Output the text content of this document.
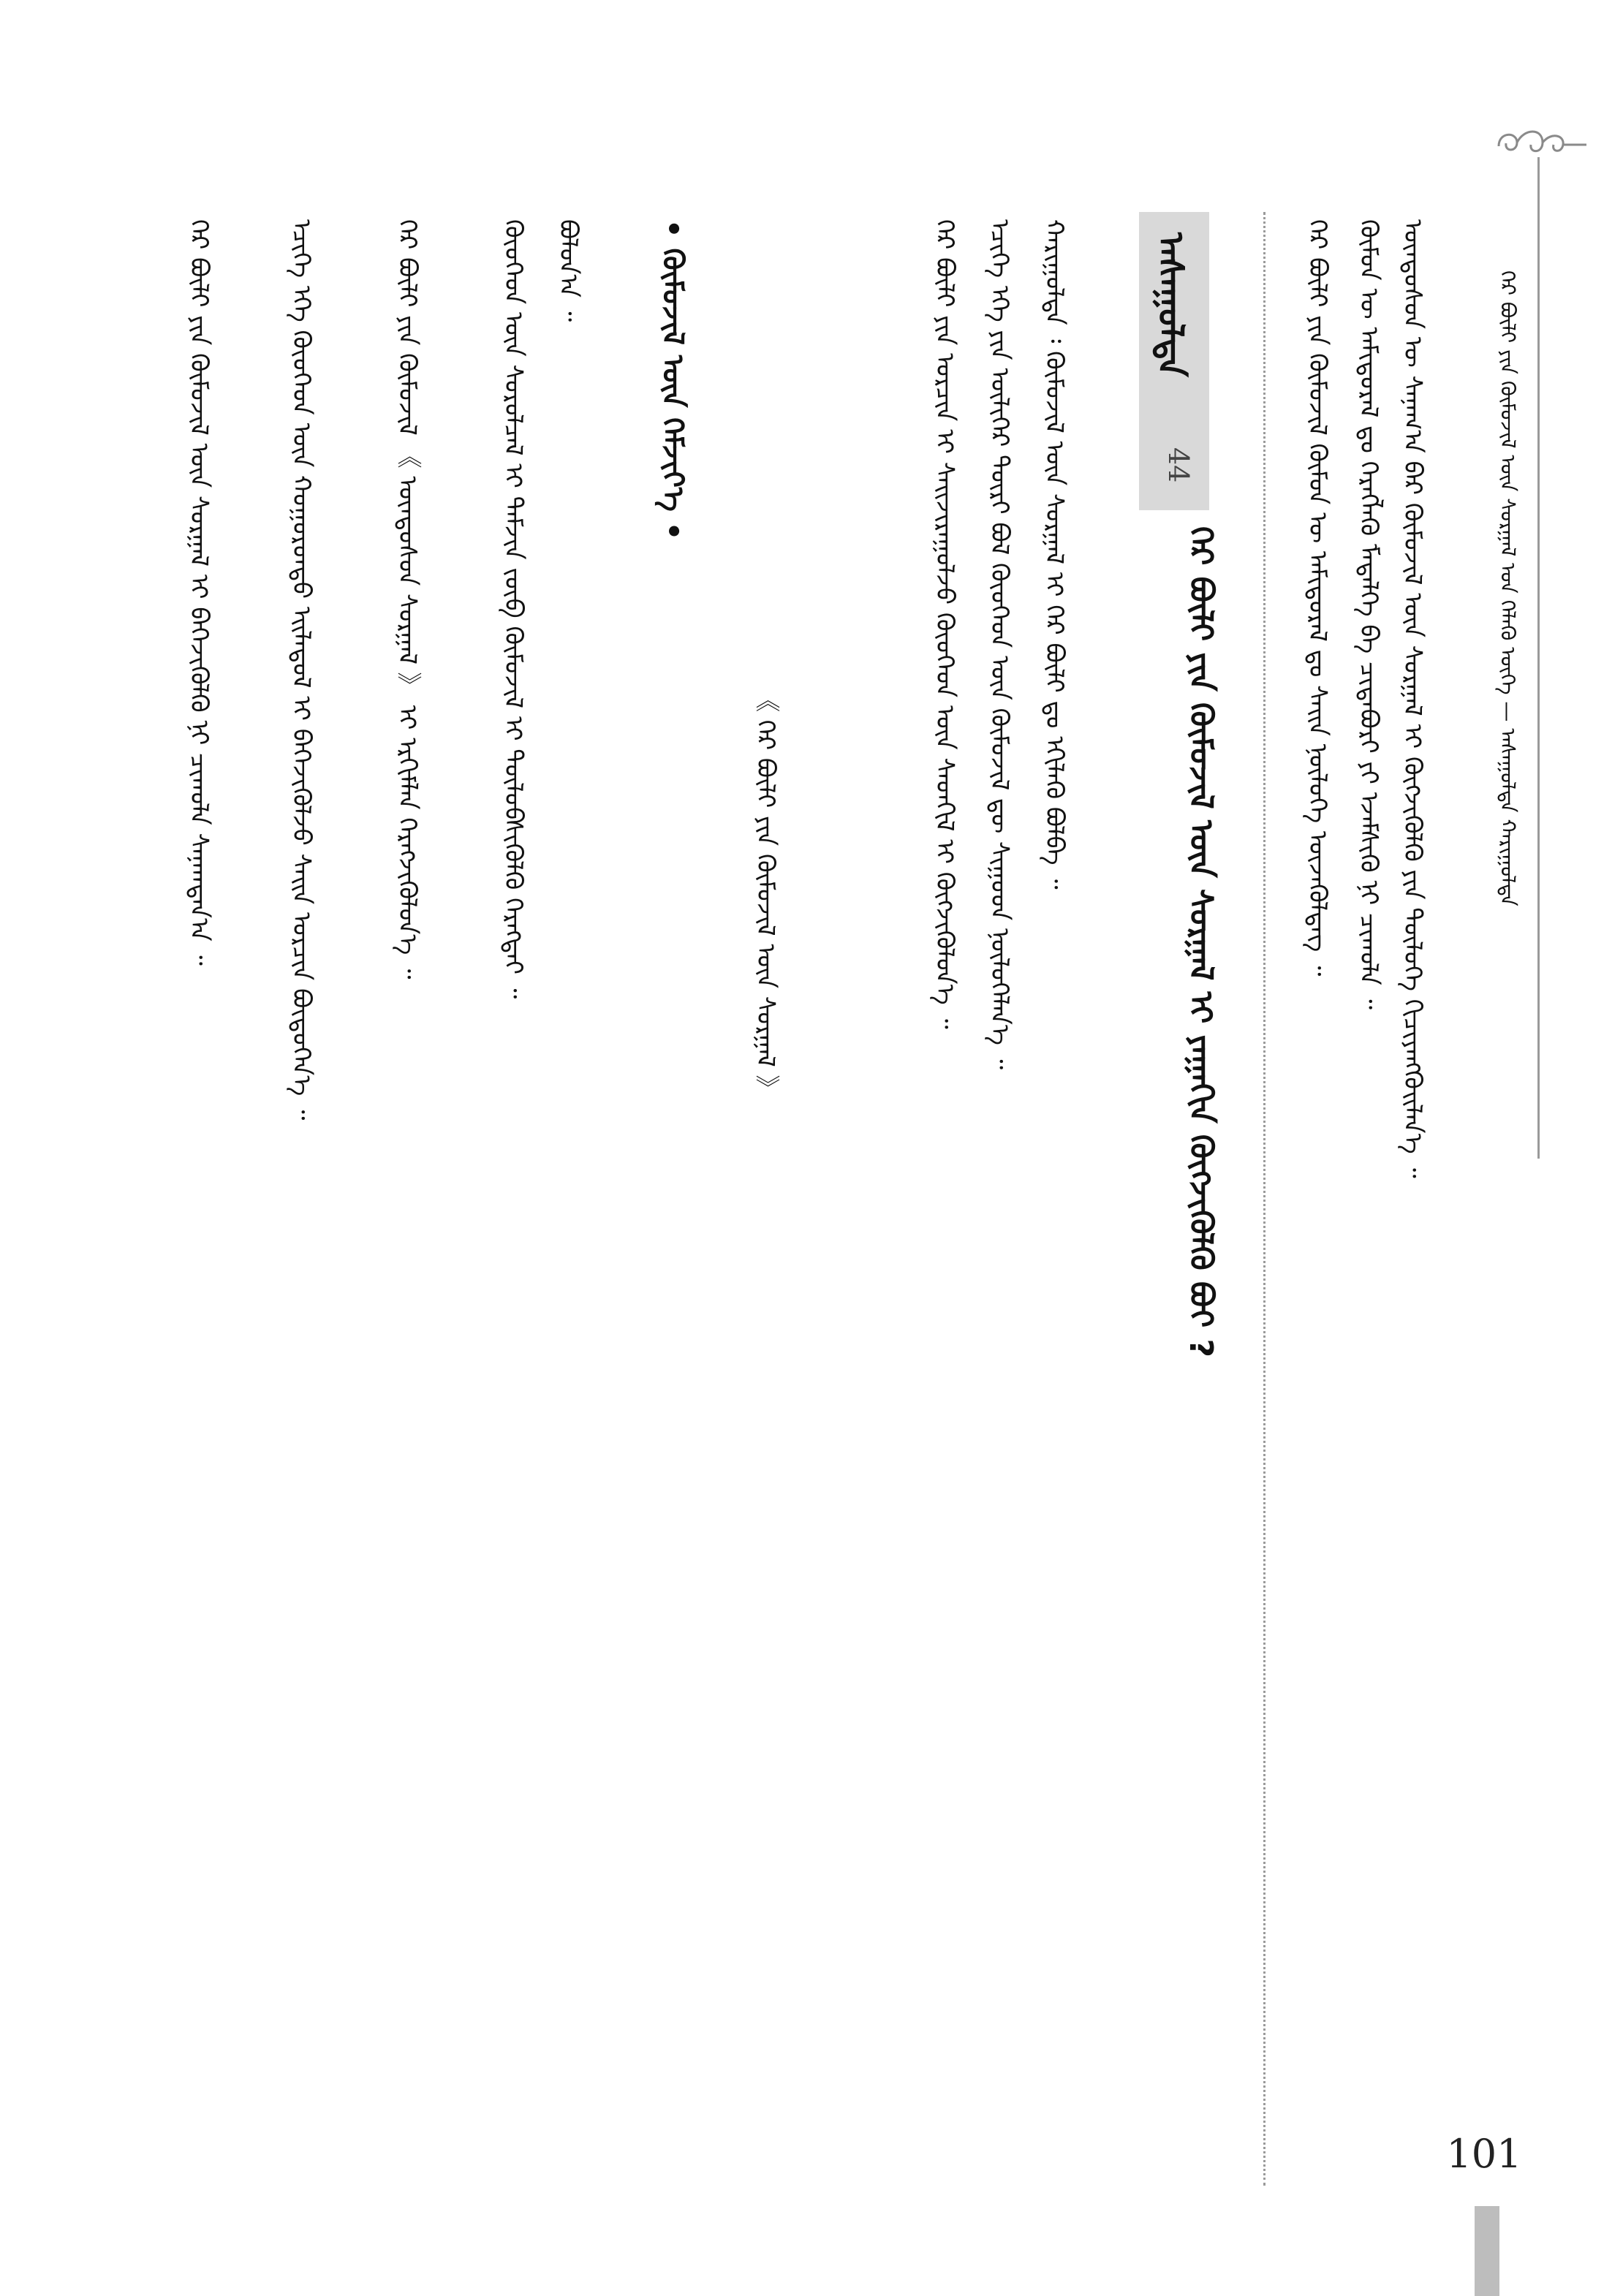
ᠭᠡᠷ ᠪᠦᠯᠢ ᠶᠢᠨ ᠬᠦᠮᠦᠵᠢᠯ ᠦᠨ ᠰᠤᠷᠭᠠᠯ ᠤᠨ ᠬᠡᠯᠡᠬᠦ ᠦᠭᠡ — ᠠᠰᠠᠭᠤᠯᠲᠠ ᠬᠠᠷᠢᠭᠤᠯᠲᠠ
ᠦᠨᠳᠦᠰᠦᠨ ᠦ ᠰᠠᠨᠠᠭ᠎ᠠ ᠪᠠᠷ ᠬᠦᠮᠦᠵᠢᠯ ᠦᠨ ᠰᠤᠷᠭᠠᠯ ᠢ ᠬᠦᠭᠵᠢᠭᠦᠯᠬᠦ ᠶᠢᠨ ᠲᠥᠯᠦᠭᠡ ᠬᠢᠴᠢᠶᠡᠩᠭᠦᠢᠯᠡᠨ᠎ᠡ ᠃
ᠬᠦᠮᠦᠨ ᠦ ᠠᠮᠢᠳᠤᠷᠠᠯ ᠳᠤ ᠬᠡᠷᠡᠭᠯᠡᠬᠦ ᠮᠡᠳᠡᠯᠭᠡ ᠪᠠ ᠴᠢᠳᠠᠪᠤᠷᠢ ᠶᠢ ᠡᠵᠡᠮᠰᠢᠬᠦ ᠨᠢ ᠴᠢᠬᠤᠯᠠ ᠃
ᠭᠡᠷ ᠪᠦᠯᠢ ᠶᠢᠨ ᠬᠦᠮᠦᠵᠢᠯ ᠬᠦᠮᠦᠨ ᠦ ᠠᠮᠢᠳᠤᠷᠠᠯ ᠳᠤ ᠰᠠᠢᠨ ᠨᠥᠯᠦᠭᠡ ᠦᠵᠡᠭᠦᠯᠳᠡᠭ ᠃
ᠠᠰᠠᠭᠤᠯᠲᠠ
44
ᠭᠡᠷ ᠪᠦᠯᠢ ᠶᠢᠨ ᠬᠦᠮᠦᠵᠢᠯ ᠦᠨ ᠰᠤᠷᠭᠠᠯ ᠢ ᠶᠠᠭᠠᠬᠢᠨ ᠬᠦᠭᠵᠢᠭᠦᠯᠬᠦ ᠪᠤᠢ ?
ᠬᠠᠷᠢᠭᠤᠯᠲᠠ ᠄ ᠬᠦᠮᠦᠵᠢᠯ ᠦᠨ ᠰᠤᠷᠭᠠᠯ ᠢ ᠭᠡᠷ ᠪᠦᠯᠢ ᠳᠤ ᠡᠬᠢᠯᠡᠬᠦ ᠪᠣᠯᠪᠠ ᠃
ᠡᠴᠢᠭᠡ ᠡᠬᠡ ᠶᠢᠨ ᠦᠯᠢᠭᠡᠷ ᠳᠦᠷᠢ ᠪᠣᠯ ᠬᠦᠦᠬᠡᠳ ᠦᠨ ᠬᠦᠮᠦᠵᠢᠯ ᠳᠦ ᠰᠢᠭᠤᠳ ᠨᠥᠯᠦᠭᠡᠯᠡᠨ᠎ᠡ ᠃
ᠭᠡᠷ ᠪᠦᠯᠢ ᠶᠢᠨ ᠤᠷᠴᠢᠨ ᠢ ᠰᠠᠢᠵᠢᠷᠠᠭᠤᠯᠵᠤ ᠬᠦᠦᠬᠡᠳ ᠦᠨ ᠰᠡᠳᠬᠢᠯ ᠢ ᠬᠥᠭᠵᠢᠭᠦᠯᠦᠨ᠎ᠡ ᠃
《 ᠭᠡᠷ ᠪᠦᠯᠢ ᠶᠢᠨ ᠬᠦᠮᠦᠵᠢᠯ ᠦᠨ ᠰᠤᠷᠭᠠᠯ 》
• ᠬᠦᠮᠦᠵᠢᠯ ᠦᠨ ᠬᠡᠮᠵᠢᠶ᠎ᠡ •
ᠪᠣᠯᠤᠨ᠎ᠠ ᠃
ᠬᠦᠦᠬᠡᠳ ᠦᠨ ᠰᠤᠷᠤᠯᠴᠠᠯ ᠢ ᠳᠡᠮᠵᠢᠨ ᠵᠥᠪ ᠬᠦᠮᠦᠵᠢᠯ ᠢ ᠲᠥᠯᠦᠪᠰᠢᠭᠦᠯᠬᠦ ᠬᠡᠷᠡᠭᠲᠡᠢ ᠃
ᠭᠡᠷ ᠪᠦᠯᠢ ᠶᠢᠨ ᠬᠦᠮᠦᠵᠢᠯ 《 ᠦᠨᠳᠦᠰᠦᠨ ᠰᠤᠷᠭᠠᠯ 》 ᠢ ᠡᠷᠬᠢᠮᠯᠡᠨ ᠬᠡᠷᠡᠭᠵᠢᠭᠦᠯᠦᠨ᠎ᠡ ᠃
ᠡᠴᠢᠭᠡ ᠡᠬᠡ ᠬᠦᠦᠬᠡᠳ ᠦᠨ ᠬᠣᠭᠣᠷᠤᠨᠳᠤ ᠡᠢᠯᠡᠳᠦᠯ ᠢ ᠪᠡᠬᠡᠵᠢᠭᠦᠯᠵᠦ ᠰᠠᠢᠨ ᠤᠷᠴᠢᠨ ᠪᠦᠲᠦᠭᠡᠨ᠎ᠡ ᠃
ᠭᠡᠷ ᠪᠦᠯᠢ ᠶᠢᠨ ᠬᠦᠮᠦᠵᠢᠯ ᠦᠨ ᠰᠤᠷᠭᠠᠯ ᠢ ᠪᠡᠬᠡᠵᠢᠭᠦᠯᠬᠦ ᠨᠢ ᠴᠢᠬᠤᠯᠠ ᠰᠠᠨᠠᠭᠳᠠᠨ᠎ᠠ ᠃
101
